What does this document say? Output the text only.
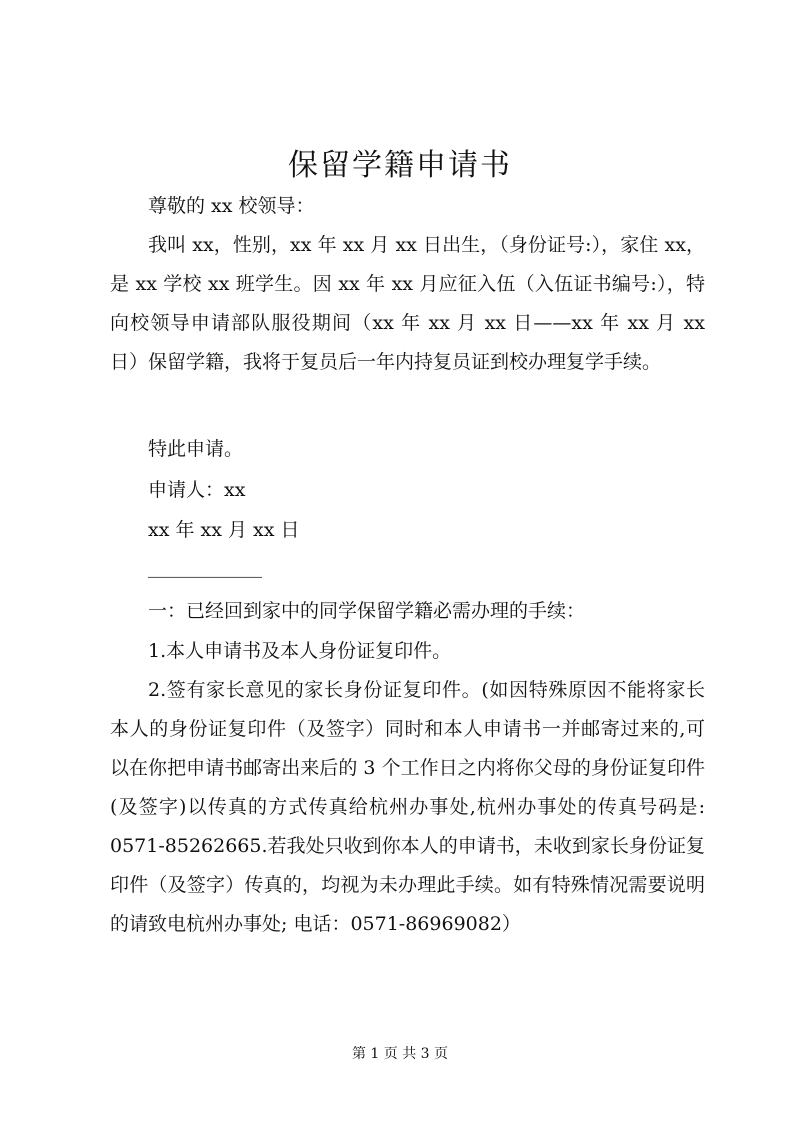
保留学籍申请书
尊敬的 xx 校领导：

我叫 xx，性别，xx 年 xx 月 xx 日出生，（身份证号:），家住 xx，是 xx 学校 xx 班学生。因 xx 年 xx 月应征入伍（入伍证书编号:），特向校领导申请部队服役期间（xx 年 xx 月 xx 日——xx 年 xx 月 xx 日）保留学籍，我将于复员后一年内持复员证到校办理复学手续。

特此申请。
申请人：xx
xx 年 xx 月 xx 日
____________
一：已经回到家中的同学保留学籍必需办理的手续：
1.本人申请书及本人身份证复印件。

2.签有家长意见的家长身份证复印件。(如因特殊原因不能将家长本人的身份证复印件（及签字）同时和本人申请书一并邮寄过来的,可以在你把申请书邮寄出来后的 3 个工作日之内将你父母的身份证复印件(及签字)以传真的方式传真给杭州办事处,杭州办事处的传真号码是: 0571-85262665.若我处只收到你本人的申请书，未收到家长身份证复印件（及签字）传真的，均视为未办理此手续。如有特殊情况需要说明的请致电杭州办事处; 电话：0571-86969082）

第 1 页 共 3 页
